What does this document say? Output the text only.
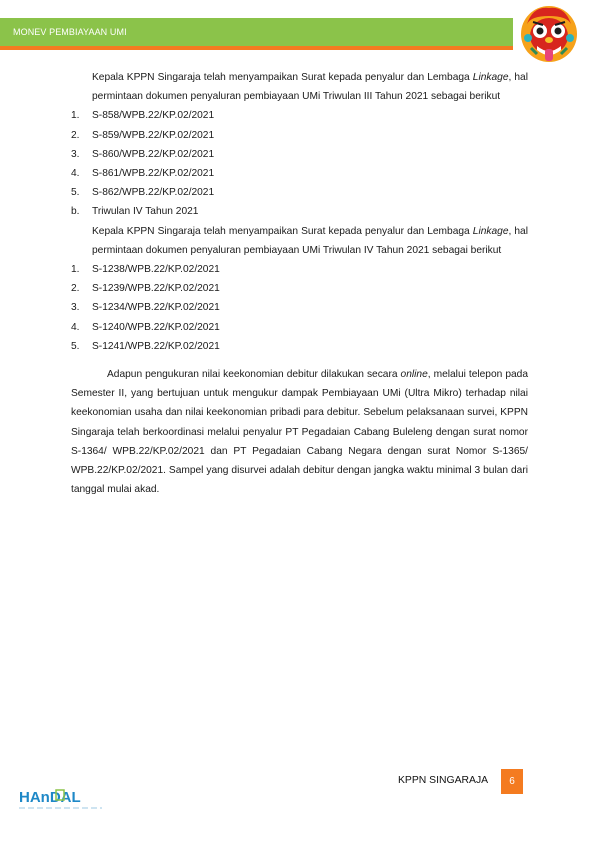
MONEV PEMBIAYAAN UMI
Kepala KPPN Singaraja telah menyampaikan Surat kepada penyalur dan Lembaga Linkage, hal permintaan dokumen penyaluran pembiayaan UMi Triwulan III Tahun 2021 sebagai berikut
1.	S-858/WPB.22/KP.02/2021
2.	S-859/WPB.22/KP.02/2021
3.	S-860/WPB.22/KP.02/2021
4.	S-861/WPB.22/KP.02/2021
5.	S-862/WPB.22/KP.02/2021
b.	Triwulan IV Tahun 2021
Kepala KPPN Singaraja telah menyampaikan Surat kepada penyalur dan Lembaga Linkage, hal permintaan dokumen penyaluran pembiayaan UMi Triwulan IV Tahun 2021 sebagai berikut
1.	S-1238/WPB.22/KP.02/2021
2.	S-1239/WPB.22/KP.02/2021
3.	S-1234/WPB.22/KP.02/2021
4.	S-1240/WPB.22/KP.02/2021
5.	S-1241/WPB.22/KP.02/2021
Adapun pengukuran nilai keekonomian debitur dilakukan secara online, melalui telepon pada Semester II, yang bertujuan untuk mengukur dampak Pembiayaan UMi (Ultra Mikro) terhadap nilai keekonomian usaha dan nilai keekonomian pribadi para debitur. Sebelum pelaksanaan survei, KPPN Singaraja telah berkoordinasi melalui penyalur PT Pegadaian Cabang Buleleng dengan surat nomor S-1364/ WPB.22/KP.02/2021 dan PT Pegadaian Cabang Negara dengan surat Nomor S-1365/ WPB.22/KP.02/2021. Sampel yang disurvei adalah debitur dengan jangka waktu minimal 3 bulan dari tanggal mulai akad.
KPPN SINGARAJA	6
HAnDAL
